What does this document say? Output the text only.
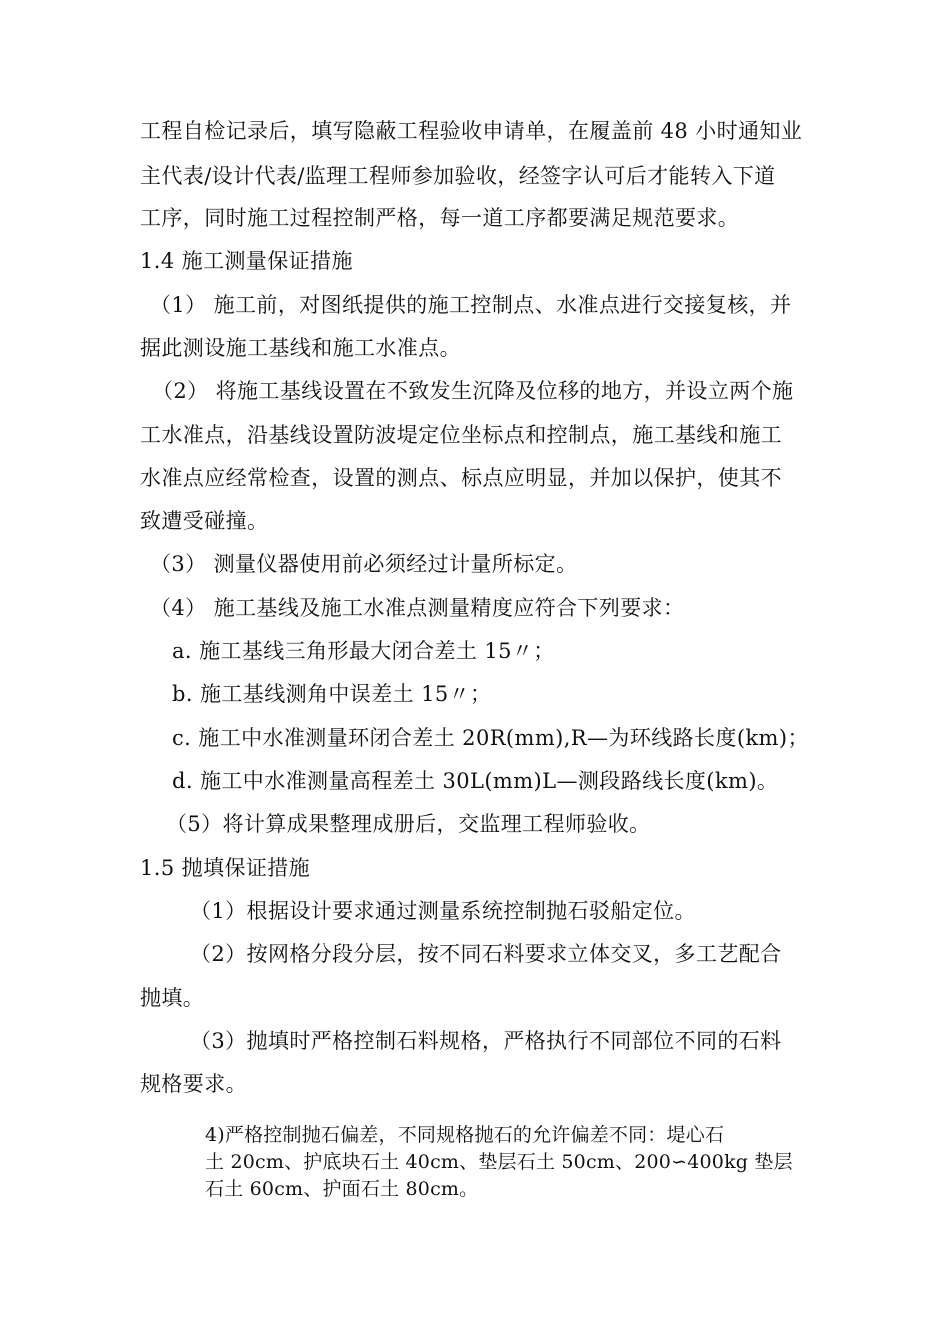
工程自检记录后，填写隐蔽工程验收申请单，在履盖前 48 小时通知业
主代表/设计代表/监理工程师参加验收，经签字认可后才能转入下道
工序，同时施工过程控制严格，每一道工序都要满足规范要求。
1.4 施工测量保证措施
（1） 施工前，对图纸提供的施工控制点、水准点进行交接复核，并
据此测设施工基线和施工水准点。
（2） 将施工基线设置在不致发生沉降及位移的地方，并设立两个施
工水准点，沿基线设置防波堤定位坐标点和控制点，施工基线和施工
水准点应经常检查，设置的测点、标点应明显，并加以保护，使其不
致遭受碰撞。
（3） 测量仪器使用前必须经过计量所标定。
（4） 施工基线及施工水准点测量精度应符合下列要求：
a. 施工基线三角形最大闭合差土 15〃；
b. 施工基线测角中误差土 15〃；
c. 施工中水准测量环闭合差土 20R(mm),R—为环线路长度(km)；
d. 施工中水准测量高程差土 30L(mm)L—测段路线长度(km)。
（5）将计算成果整理成册后，交监理工程师验收。
1.5 抛填保证措施
（1）根据设计要求通过测量系统控制抛石驳船定位。
（2）按网格分段分层，按不同石料要求立体交叉，多工艺配合
抛填。
（3）抛填时严格控制石料规格，严格执行不同部位不同的石料
规格要求。
4)严格控制抛石偏差，不同规格抛石的允许偏差不同：堤心石
土 20cm、护底块石土 40cm、垫层石土 50cm、200∽400kg 垫层
石土 60cm、护面石土 80cm。
